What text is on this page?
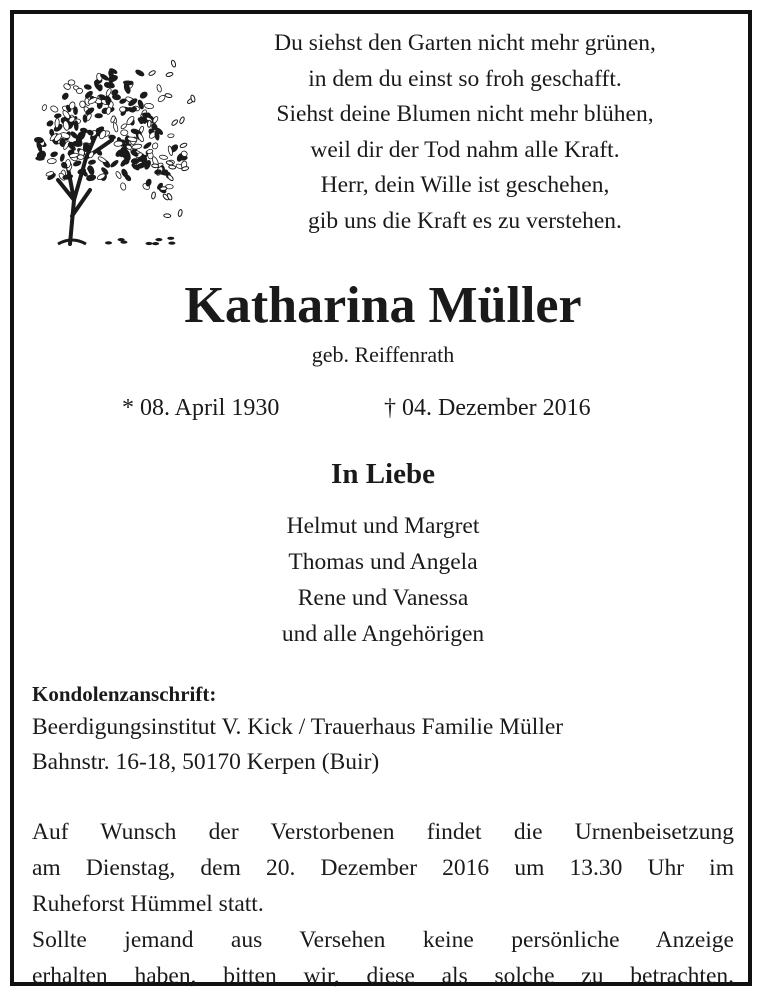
Du siehst den Garten nicht mehr grünen,
in dem du einst so froh geschafft.
Siehst deine Blumen nicht mehr blühen,
weil dir der Tod nahm alle Kraft.
Herr, dein Wille ist geschehen,
gib uns die Kraft es zu verstehen.
Katharina Müller
geb. Reiffenrath
* 08. April 1930	† 04. Dezember 2016
In Liebe
Helmut und Margret
Thomas und Angela
Rene und Vanessa
und alle Angehörigen
Kondolenzanschrift:
Beerdigungsinstitut V. Kick / Trauerhaus Familie Müller
Bahnstr. 16-18, 50170 Kerpen (Buir)
Auf Wunsch der Verstorbenen findet die Urnenbeisetzung
am Dienstag, dem 20. Dezember 2016 um 13.30 Uhr im
Ruheforst Hümmel statt.
Sollte jemand aus Versehen keine persönliche Anzeige
erhalten haben, bitten wir, diese als solche zu betrachten.
